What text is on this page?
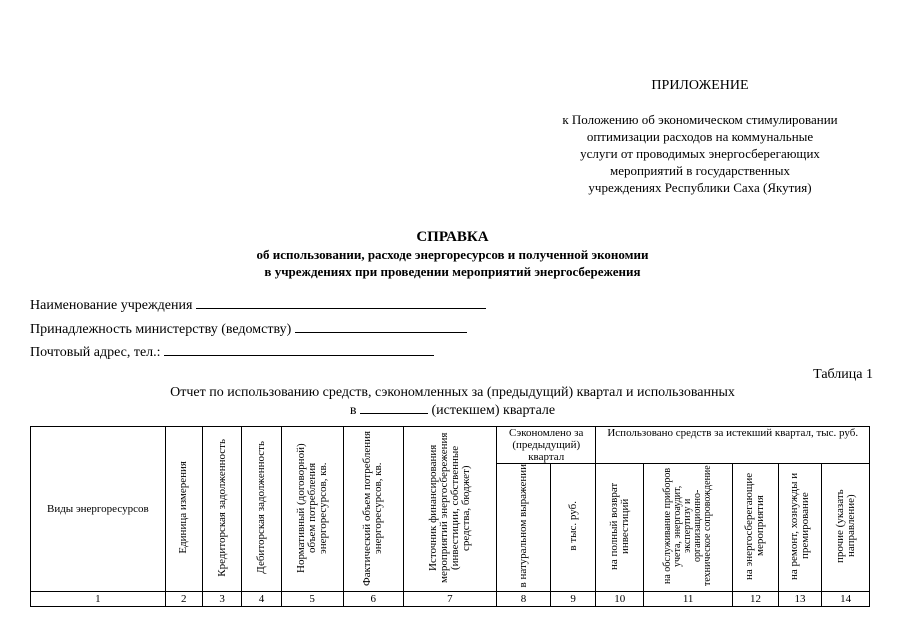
ПРИЛОЖЕНИЕ
к Положению об экономическом стимулировании
оптимизации расходов на коммунальные
услуги от проводимых энергосберегающих
мероприятий в государственных
учреждениях Республики Саха (Якутия)
СПРАВКА
об использовании, расходе энергоресурсов и полученной экономии
в учреждениях при проведении мероприятий энергосбережения
Наименование учреждения
Принадлежность министерству (ведомству)
Почтовый адрес, тел.:
Таблица 1
Отчет по использованию средств, сэкономленных за (предыдущий) квартал и использованных
в	(истекшем) квартале
Виды энергоресурсов	Единица измерения	Кредиторская задолженность	Дебиторская задолженность	Нормативный (договорной) объем потребления энергоресурсов, кв.	Фактический объем потребления энергоресурсов, кв.	Источник финансирования мероприятий энергосбережения (инвестиции, собственные средства, бюджет)	Сэкономлено за (предыдущий) квартал		Использовано средств за истекший квартал, тыс. руб.				
							в натуральном выражении	в тыс. руб.	на полный возврат инвестиций	на обслуживание приборов учета, энергоаудит, экспертизу и организационно-техническое сопровождение	на энергосберегающие мероприятия	на ремонт, хознужды и премирование	прочие (указать направление)
1	2	3	4	5	6	7	8	9	10	11	12	13	14
